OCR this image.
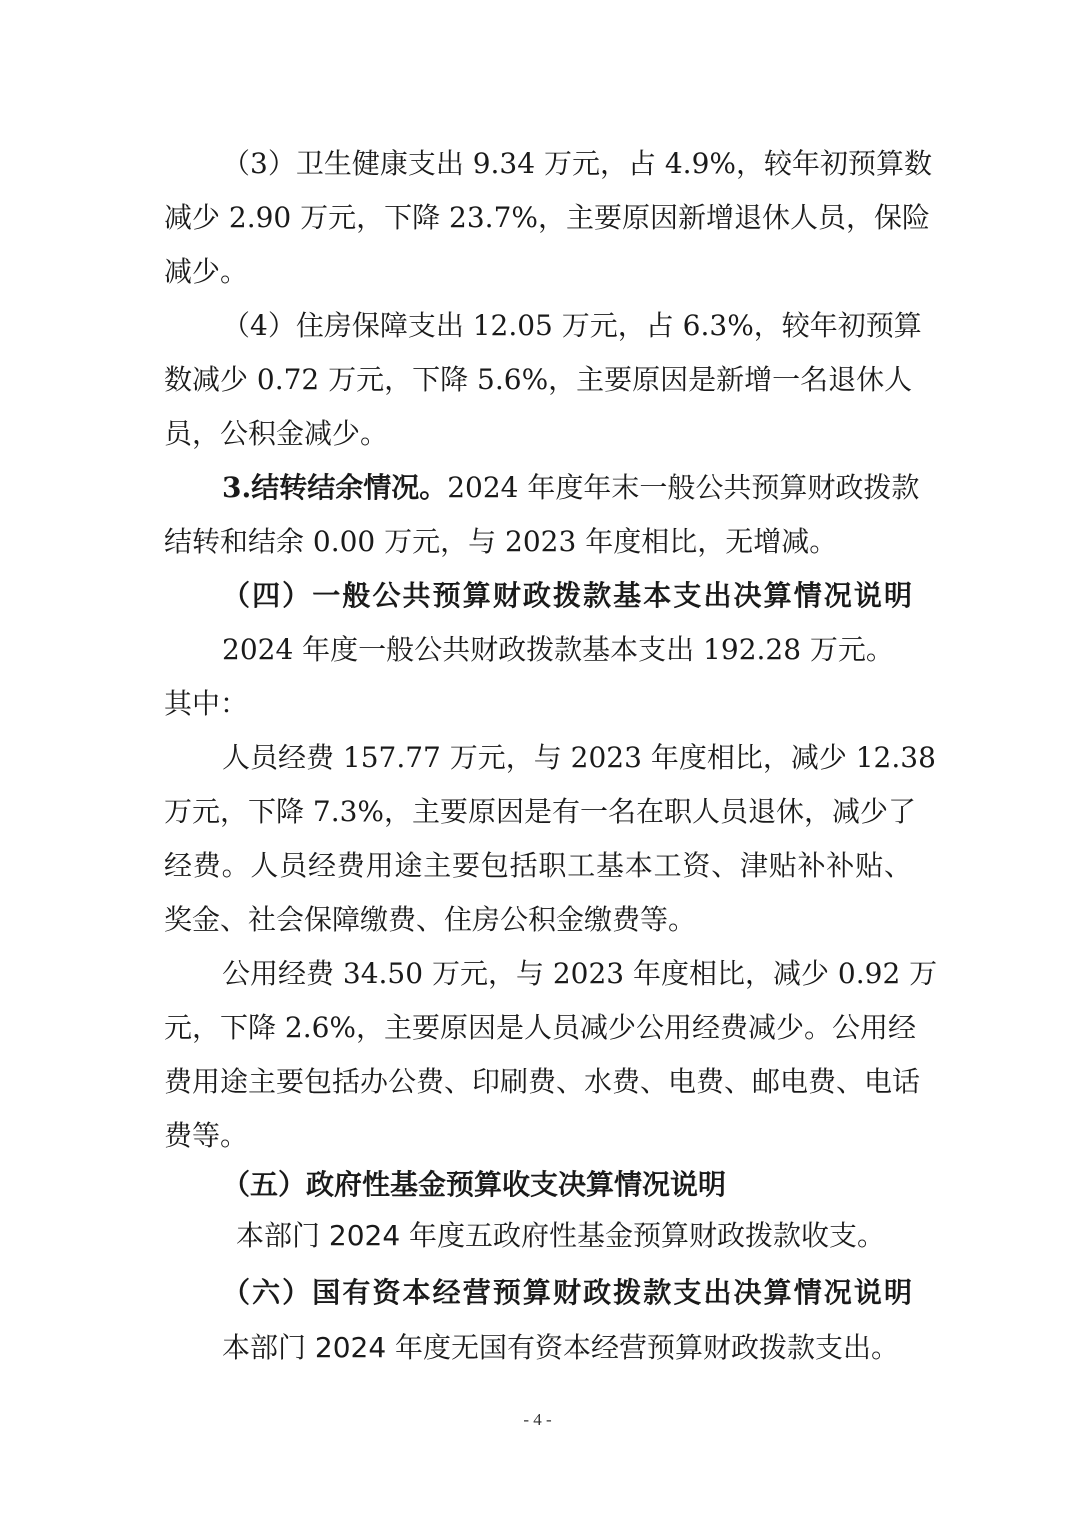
（3）卫生健康支出 9.34 万元，占 4.9%，较年初预算数
减少 2.90 万元，下降 23.7%，主要原因新增退休人员，保险
减少。
（4）住房保障支出 12.05 万元，占 6.3%，较年初预算
数减少 0.72 万元，下降 5.6%，主要原因是新增一名退休人
员，公积金减少。
3.结转结余情况。2024 年度年末一般公共预算财政拨款
结转和结余 0.00 万元，与 2023 年度相比，无增减。
（四）一般公共预算财政拨款基本支出决算情况说明
2024 年度一般公共财政拨款基本支出 192.28 万元。
其中：
人员经费 157.77 万元，与 2023 年度相比，减少 12.38
万元，下降 7.3%，主要原因是有一名在职人员退休，减少了
经费。人员经费用途主要包括职工基本工资、津贴补补贴、
奖金、社会保障缴费、住房公积金缴费等。
公用经费 34.50 万元，与 2023 年度相比，减少 0.92 万
元，下降 2.6%，主要原因是人员减少公用经费减少。公用经
费用途主要包括办公费、印刷费、水费、电费、邮电费、电话
费等。
（五）政府性基金预算收支决算情况说明
本部门 2024 年度五政府性基金预算财政拨款收支。
（六）国有资本经营预算财政拨款支出决算情况说明
本部门 2024 年度无国有资本经营预算财政拨款支出。
- 4 -
